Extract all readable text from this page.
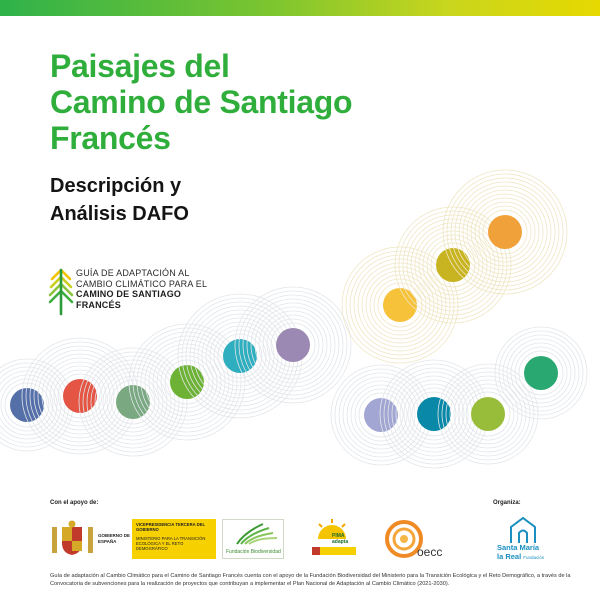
Paisajes del
Camino de Santiago
Francés
Descripción y
Análisis DAFO
GUÍA DE ADAPTACIÓN AL
CAMBIO CLIMÁTICO PARA EL
CAMINO DE SANTIAGO
FRANCÉS
Con el apoyo de:	Organiza:
GOBIERNO DE ESPAÑA
VICEPRESIDENCIA TERCERA DEL GOBIERNO
MINISTERIO PARA LA TRANSICIÓN ECOLÓGICA Y EL RETO DEMOGRÁFICO
Fundación Biodiversidad
PIMA adapta
oecc	Santa María
la Real Fundación
Guía de adaptación al Cambio Climático para el Camino de Santiago Francés cuenta con el apoyo de la Fundación Biodiversidad del Ministerio para la Transición Ecológica y el Reto Demográfico, a través de la Convocatoria de subvenciones para la realización de proyectos que contribuyan a implementar el Plan Nacional de Adaptación al Cambio Climático (2021-2030).
